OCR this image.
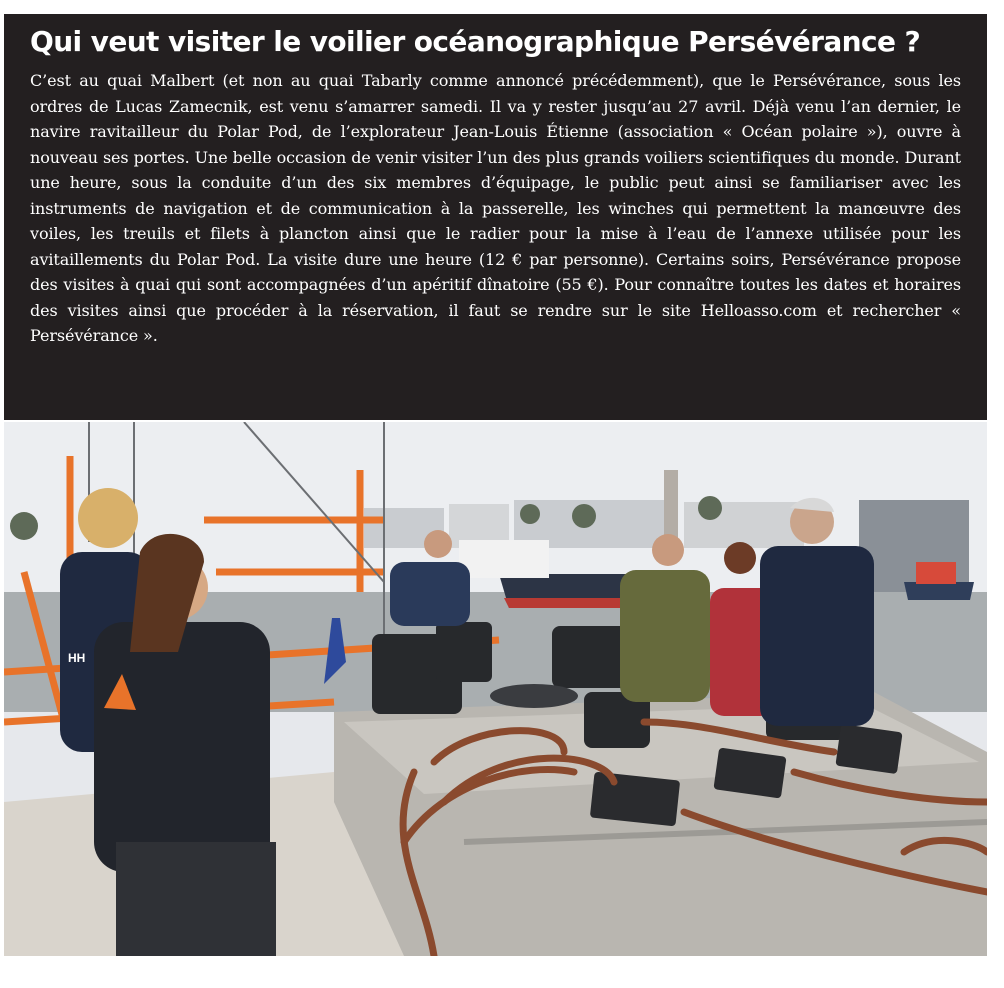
Qui veut visiter le voilier océanographique Persévérance ?

C’est au quai Malbert (et non au quai Tabarly comme annoncé précédemment), que le Persévérance, sous les ordres de Lucas Zamecnik, est venu s’amarrer samedi. Il va y rester jusqu’au 27 avril. Déjà venu l’an dernier, le navire ravitailleur du Polar Pod, de l’explorateur Jean-Louis Étienne (association « Océan polaire »), ouvre à nouveau ses portes. Une belle occasion de venir visiter l’un des plus grands voiliers scientifiques du monde. Durant une heure, sous la conduite d’un des six membres d’équipage, le public peut ainsi se familiariser avec les instruments de navigation et de communication à la passerelle, les winches qui permettent la manœuvre des voiles, les treuils et filets à plancton ainsi que le radier pour la mise à l’eau de l’annexe utilisée pour les avitaillements du Polar Pod. La visite dure une heure (12 € par personne). Certains soirs, Persévérance propose des visites à quai qui sont accompagnées d’un apéritif dînatoire (55 €). Pour connaître toutes les dates et horaires des visites ainsi que procéder à la réservation, il faut se rendre sur le site Helloasso.com et rechercher « Persévérance ».

HH
